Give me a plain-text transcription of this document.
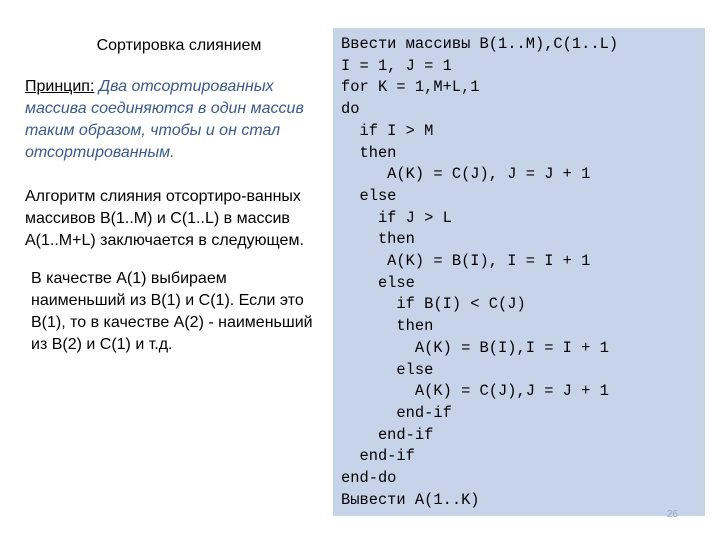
Сортировка слиянием
Принцип: Два отсортированных массива соединяются в один массив таким образом, чтобы и он стал отсортированным.
Алгоритм слияния отсортиро-ванных массивов B(1..M) и C(1..L) в массив A(1..M+L) заключается в следующем.
В качестве A(1) выбираем наименьший из B(1) и C(1). Если это B(1), то в качестве A(2) - наименьший из B(2) и C(1) и т.д.
Ввести массивы B(1..M),C(1..L)
I = 1, J = 1
for K = 1,M+L,1
do
if I > M
then
A(K) = C(J), J = J + 1
else
if J > L
then
A(K) = B(I), I = I + 1
else
if B(I) < C(J)
then
A(K) = B(I),I = I + 1
else
A(K) = C(J),J = J + 1
end-if
end-if
end-if
end-do
Вывести A(1..K)
26
